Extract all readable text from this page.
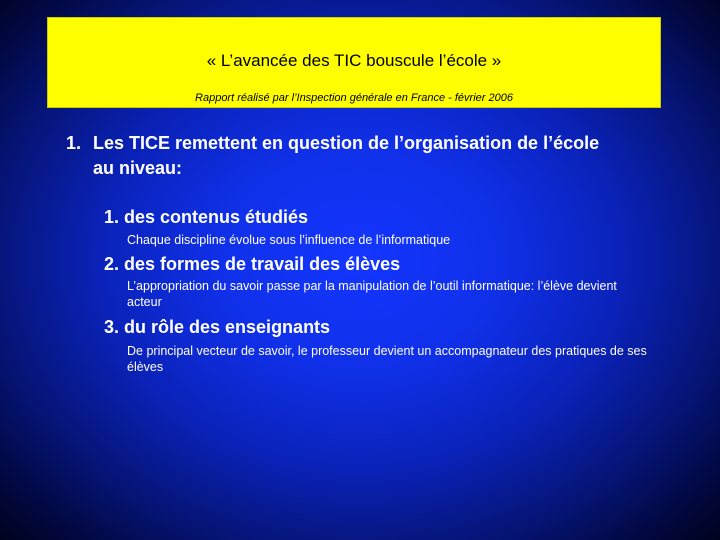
« L’avancée des TIC bouscule l’école »
Rapport réalisé par l’Inspection générale en France - février 2006
1. Les TICE remettent en question de l’organisation de l’école au niveau:
1. des contenus étudiés
Chaque discipline évolue sous l’influence de l’informatique
2. des formes de travail des élèves
L’appropriation du savoir passe par la manipulation de l’outil informatique: l’élève devient acteur
3. du rôle des enseignants
De principal vecteur de savoir, le professeur devient un accompagnateur des pratiques de ses élèves
